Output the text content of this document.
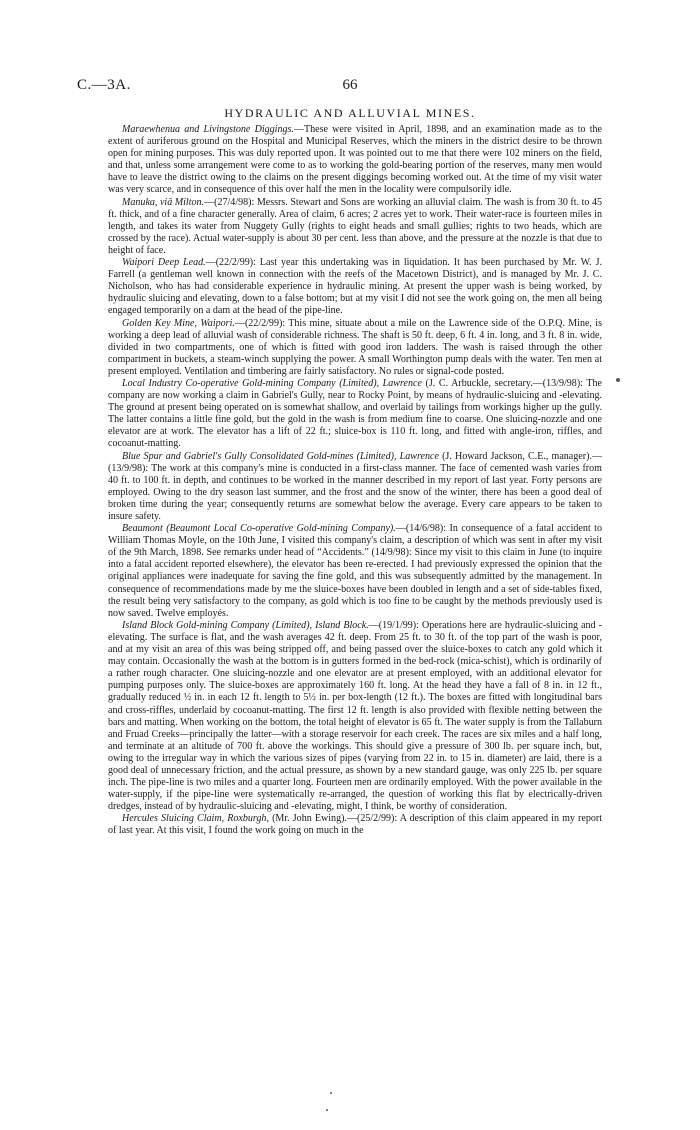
C.—3A.	66
HYDRAULIC AND ALLUVIAL MINES.

Maraewhenua and Livingstone Diggings.—These were visited in April, 1898, and an examination made as to the extent of auriferous ground on the Hospital and Municipal Reserves, which the miners in the district desire to be thrown open for mining purposes. This was duly reported upon. It was pointed out to me that there were 102 miners on the field, and that, unless some arrangement were come to as to working the gold-bearing portion of the reserves, many men would have to leave the district owing to the claims on the present diggings becoming worked out. At the time of my visit water was very scarce, and in consequence of this over half the men in the locality were compulsorily idle.

Manuka, viâ Milton.—(27/4/98): Messrs. Stewart and Sons are working an alluvial claim. The wash is from 30 ft. to 45 ft. thick, and of a fine character generally. Area of claim, 6 acres; 2 acres yet to work. Their water-race is fourteen miles in length, and takes its water from Nuggety Gully (rights to eight heads and small gullies; rights to two heads, which are crossed by the race). Actual water-supply is about 30 per cent. less than above, and the pressure at the nozzle is that due to height of face.

Waipori Deep Lead.—(22/2/99): Last year this undertaking was in liquidation. It has been purchased by Mr. W. J. Farrell (a gentleman well known in connection with the reefs of the Macetown District), and is managed by Mr. J. C. Nicholson, who has had considerable experience in hydraulic mining. At present the upper wash is being worked, by hydraulic sluicing and elevating, down to a false bottom; but at my visit I did not see the work going on, the men all being engaged temporarily on a dam at the head of the pipe-line.

Golden Key Mine, Waipori.—(22/2/99): This mine, situate about a mile on the Lawrence side of the O.P.Q. Mine, is working a deep lead of alluvial wash of considerable richness. The shaft is 50 ft. deep, 6 ft. 4 in. long, and 3 ft. 8 in. wide, divided in two compartments, one of which is fitted with good iron ladders. The wash is raised through the other compartment in buckets, a steam-winch supplying the power. A small Worthington pump deals with the water. Ten men at present employed. Ventilation and timbering are fairly satisfactory. No rules or signal-code posted.

Local Industry Co-operative Gold-mining Company (Limited), Lawrence (J. C. Arbuckle, secretary.—(13/9/98): The company are now working a claim in Gabriel's Gully, near to Rocky Point, by means of hydraulic-sluicing and -elevating. The ground at present being operated on is somewhat shallow, and overlaid by tailings from workings higher up the gully. The latter contains a little fine gold, but the gold in the wash is from medium fine to coarse. One sluicing-nozzle and one elevator are at work. The elevator has a lift of 22 ft.; sluice-box is 110 ft. long, and fitted with angle-iron, riffles, and cocoanut-matting.

Blue Spur and Gabriel's Gully Consolidated Gold-mines (Limited), Lawrence (J. Howard Jackson, C.E., manager).—(13/9/98): The work at this company's mine is conducted in a first-class manner. The face of cemented wash varies from 40 ft. to 100 ft. in depth, and continues to be worked in the manner described in my report of last year. Forty persons are employed. Owing to the dry season last summer, and the frost and the snow of the winter, there has been a good deal of broken time during the year; consequently returns are somewhat below the average. Every care appears to be taken to insure safety.

Beaumont (Beaumont Local Co-operative Gold-mining Company).—(14/6/98): In consequence of a fatal accident to William Thomas Moyle, on the 10th June, I visited this company's claim, a description of which was sent in after my visit of the 9th March, 1898. See remarks under head of “Accidents.” (14/9/98): Since my visit to this claim in June (to inquire into a fatal accident reported elsewhere), the elevator has been re-erected. I had previously expressed the opinion that the original appliances were inadequate for saving the fine gold, and this was subsequently admitted by the management. In consequence of recommendations made by me the sluice-boxes have been doubled in length and a set of side-tables fixed, the result being very satisfactory to the company, as gold which is too fine to be caught by the methods previously used is now saved. Twelve employés.

Island Block Gold-mining Company (Limited), Island Block.—(19/1/99): Operations here are hydraulic-sluicing and -elevating. The surface is flat, and the wash averages 42 ft. deep. From 25 ft. to 30 ft. of the top part of the wash is poor, and at my visit an area of this was being stripped off, and being passed over the sluice-boxes to catch any gold which it may contain. Occasionally the wash at the bottom is in gutters formed in the bed-rock (mica-schist), which is ordinarily of a rather rough character. One sluicing-nozzle and one elevator are at present employed, with an additional elevator for pumping purposes only. The sluice-boxes are approximately 160 ft. long. At the head they have a fall of 8 in. in 12 ft., gradually reduced ½ in. in each 12 ft. length to 5½ in. per box-length (12 ft.). The boxes are fitted with longitudinal bars and cross-riffles, underlaid by cocoanut-matting. The first 12 ft. length is also provided with flexible netting between the bars and matting. When working on the bottom, the total height of elevator is 65 ft. The water supply is from the Tallaburn and Fruad Creeks—principally the latter—with a storage reservoir for each creek. The races are six miles and a half long, and terminate at an altitude of 700 ft. above the workings. This should give a pressure of 300 lb. per square inch, but, owing to the irregular way in which the various sizes of pipes (varying from 22 in. to 15 in. diameter) are laid, there is a good deal of unnecessary friction, and the actual pressure, as shown by a new standard gauge, was only 225 lb. per square inch. The pipe-line is two miles and a quarter long. Fourteen men are ordinarily employed. With the power available in the water-supply, if the pipe-line were systematically re-arranged, the question of working this flat by electrically-driven dredges, instead of by hydraulic-sluicing and -elevating, might, I think, be worthy of consideration.

Hercules Sluicing Claim, Roxburgh, (Mr. John Ewing).—(25/2/99): A description of this claim appeared in my report of last year. At this visit, I found the work going on much in the
